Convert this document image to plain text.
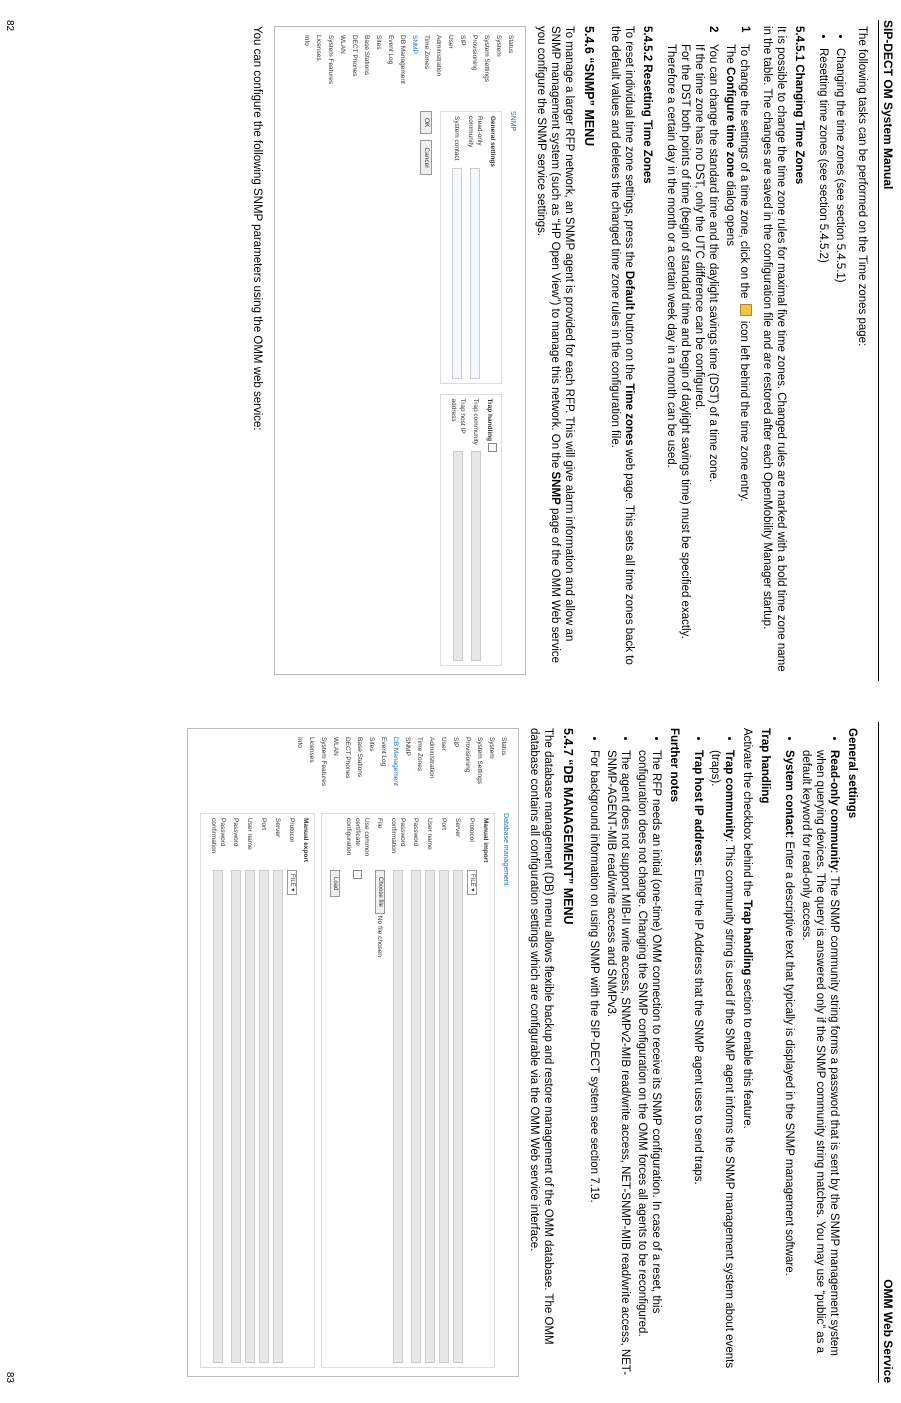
SIP-DECT OM System Manual

The following tasks can be performed on the Time zones page:

• Changing the time zones (see section 5.4.5.1)
• Resetting time zones (see section 5.4.5.2)
5.4.5.1 Changing Time Zones

It is possible to change the time zone rules for maximal five time zones. Changed rules are marked with a bold time zone name in the table. The changes are saved in the configuration file and are restored after each OpenMobility Manager startup.

1
To change the settings of a time zone, click on the  icon left behind the time zone entry.
The Configure time zone dialog opens
2
You can change the standard time and the daylight savings time (DST) of a time zone.
If the time zone has no DST, only the UTC difference can be configured.
For the DST both points of time (begin of standard time and begin of daylight savings time) must be specified exactly. Therefore a certain day in the month or a certain week day in a month can be used.
5.4.5.2 Resetting Time Zones

To reset individual time zone settings, press the Default button on the Time zones web page. This sets all time zones back to the default values and deletes the changed time zone rules in the configuration file.

5.4.6 “SNMP” MENU

To manage a larger RFP network, an SNMP agent is provided for each RFP. This will give alarm information and allow an SNMP management system (such as “HP Open View”) to manage this network. On the SNMP page of the OMM Web service you configure the SNMP service settings.

Status
System
System Settings
Provisioning
SIP
User
Administration
Time Zones
SNMP
DB Management
Event Log
Sites
Base Stations
DECT Phones
WLAN
System Features
Licenses
Info
SNMP
General settings
Read-only community
System contact
Trap handling
Trap community
Trap host IP address
OK
Cancel

You can configure the following SNMP parameters using the OMM web service:

82
OMM Web Service
General settings
• Read-only community: The SNMP community string forms a password that is sent by the SNMP management system when querying devices. The query is answered only if the SNMP community string matches. You may use “public” as a default keyword for read-only access.
• System contact: Enter a descriptive text that typically is displayed in the SNMP management software.
Trap handling

Activate the checkbox behind the Trap handling section to enable this feature.

• Trap community: This community string is used if the SNMP agent informs the SNMP management system about events (traps).
• Trap host IP address: Enter the IP Address that the SNMP agent uses to send traps.
Further notes
• The RFP needs an initial (one-time) OMM connection to receive its SNMP configuration. In case of a reset, this configuration does not change. Changing the SNMP configuration on the OMM forces all agents to be reconfigured.
• The agent does not support MIB-II write access, SNMPv2-MIB read/write access, NET-SNMP-MIB read/write access, NET-SNMP-AGENT-MIB read/write access and SNMPv3.
• For background information on using SNMP with the SIP-DECT system see section 7.19.
5.4.7 “DB MANAGEMENT” MENU

The database management (DB) menu allows flexible backup and restore management of the OMM database. The OMM database contains all configuration settings which are configurable via the OMM Web service interface.

Status
System
System Settings
Provisioning
SIP
User
Administration
Time Zones
SNMP
DB Management
Event Log
Sites
Base Stations
DECT Phones
WLAN
System Features
Licenses
Info
Database management
Manual import
Protocol
FILE ▾
Server
Port
User name
Password
Password confirmation
File
Choose file

No file chosen
Use common certificate configuration
Load
Manual export
Protocol
FILE ▾
Server
Port
User name
Password
Password confirmation
83
